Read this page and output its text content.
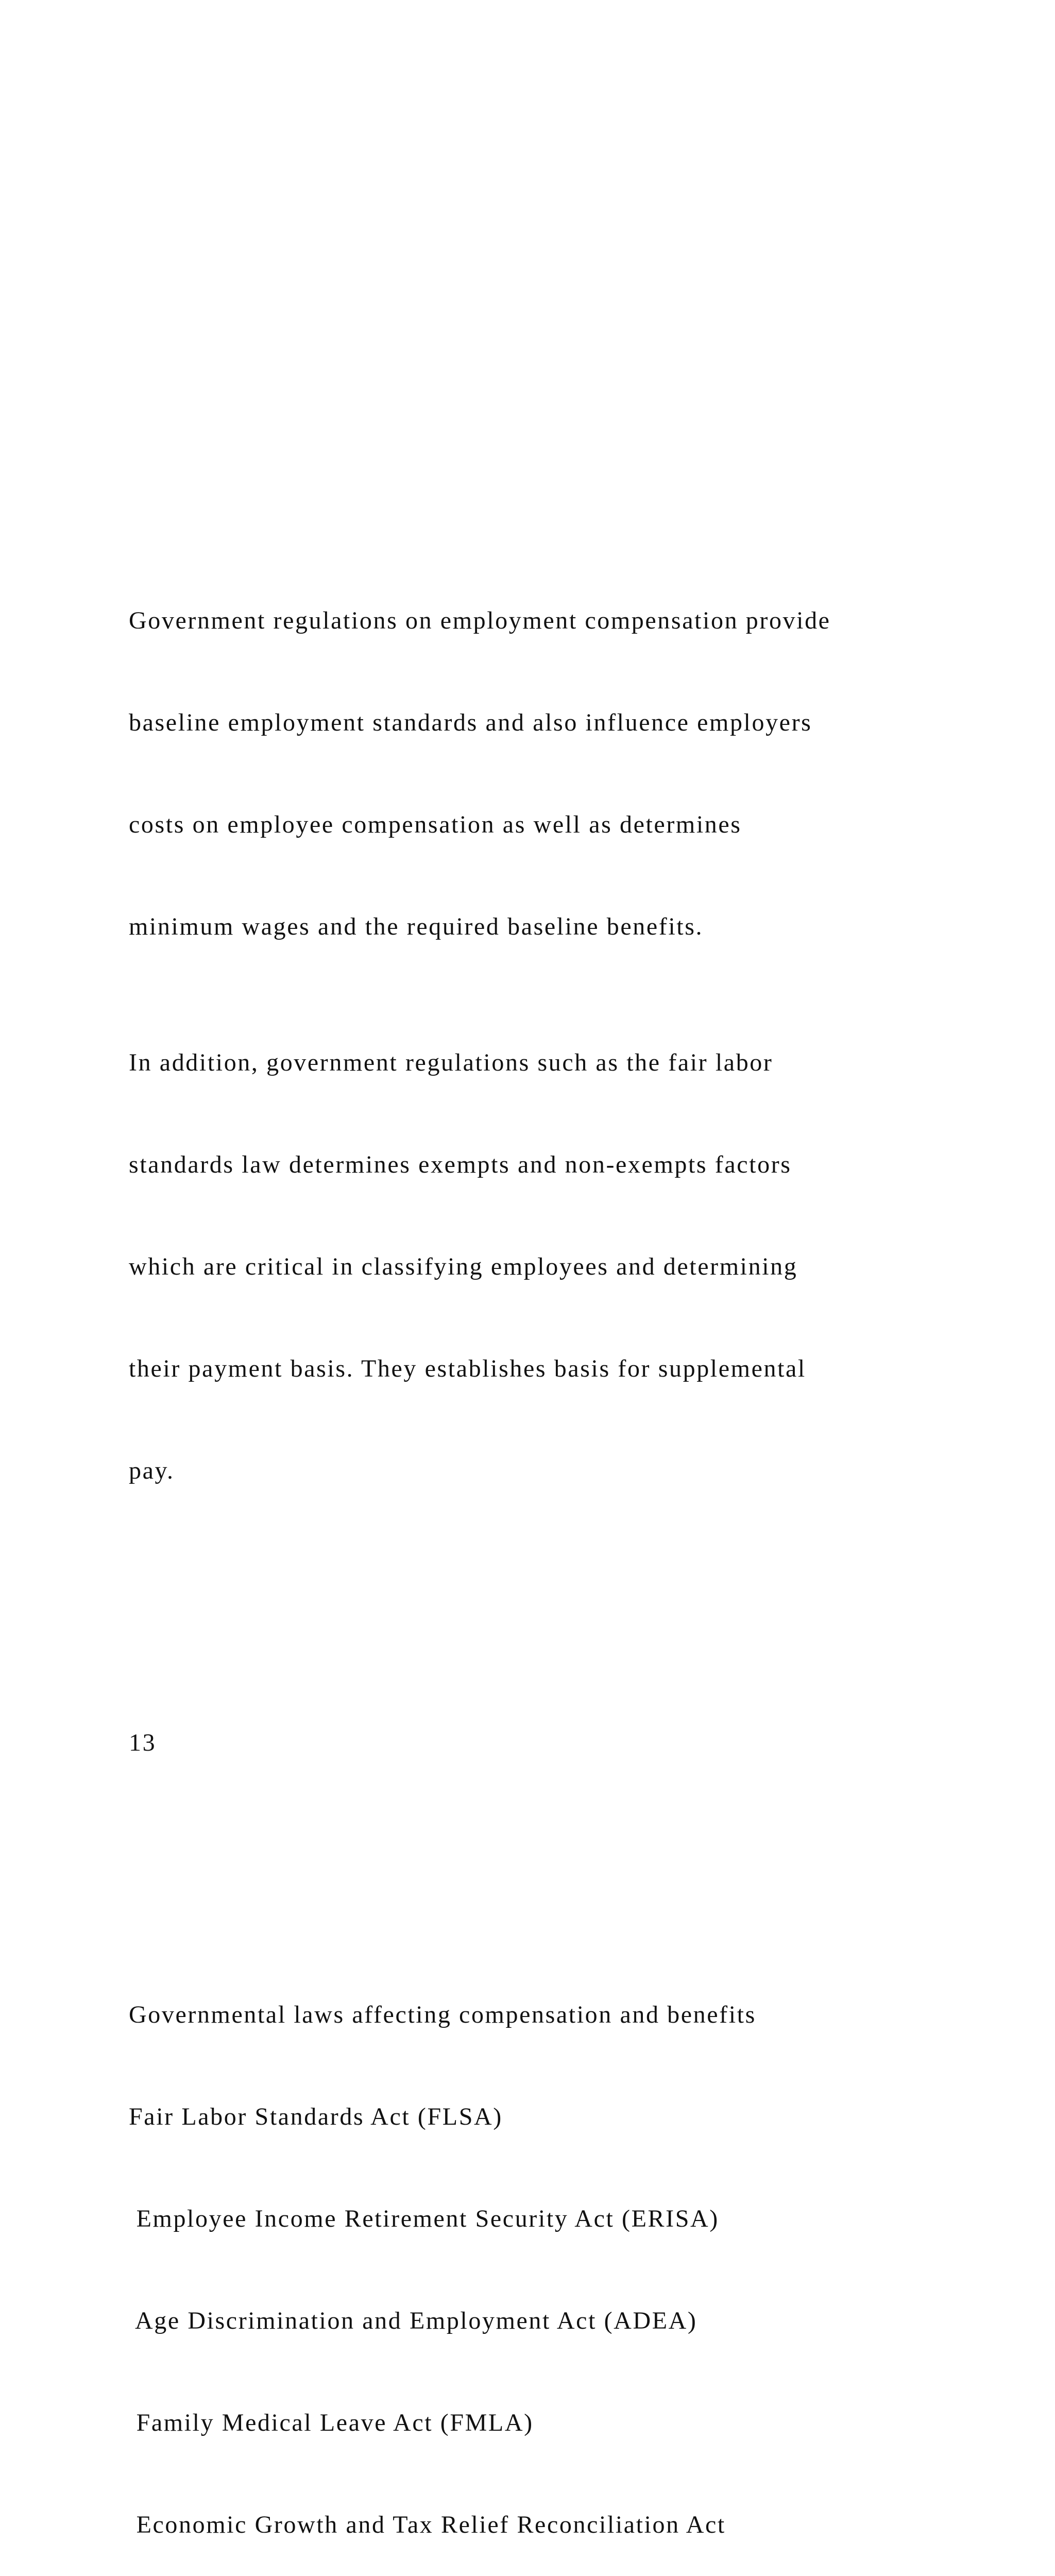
Government regulations on employment compensation provide

baseline employment standards and also influence employers

costs on employee compensation as well as determines

minimum wages and the required baseline benefits.

In addition, government regulations such as the fair labor

standards law determines exempts and non-exempts factors

which are critical in classifying employees and determining

their payment basis. They establishes basis for supplemental

pay.

13

Governmental laws affecting compensation and benefits

Fair Labor Standards Act (FLSA)

Employee Income Retirement Security Act (ERISA)

Age Discrimination and Employment Act (ADEA)

Family Medical Leave Act (FMLA)

Economic Growth and Tax Relief Reconciliation Act
